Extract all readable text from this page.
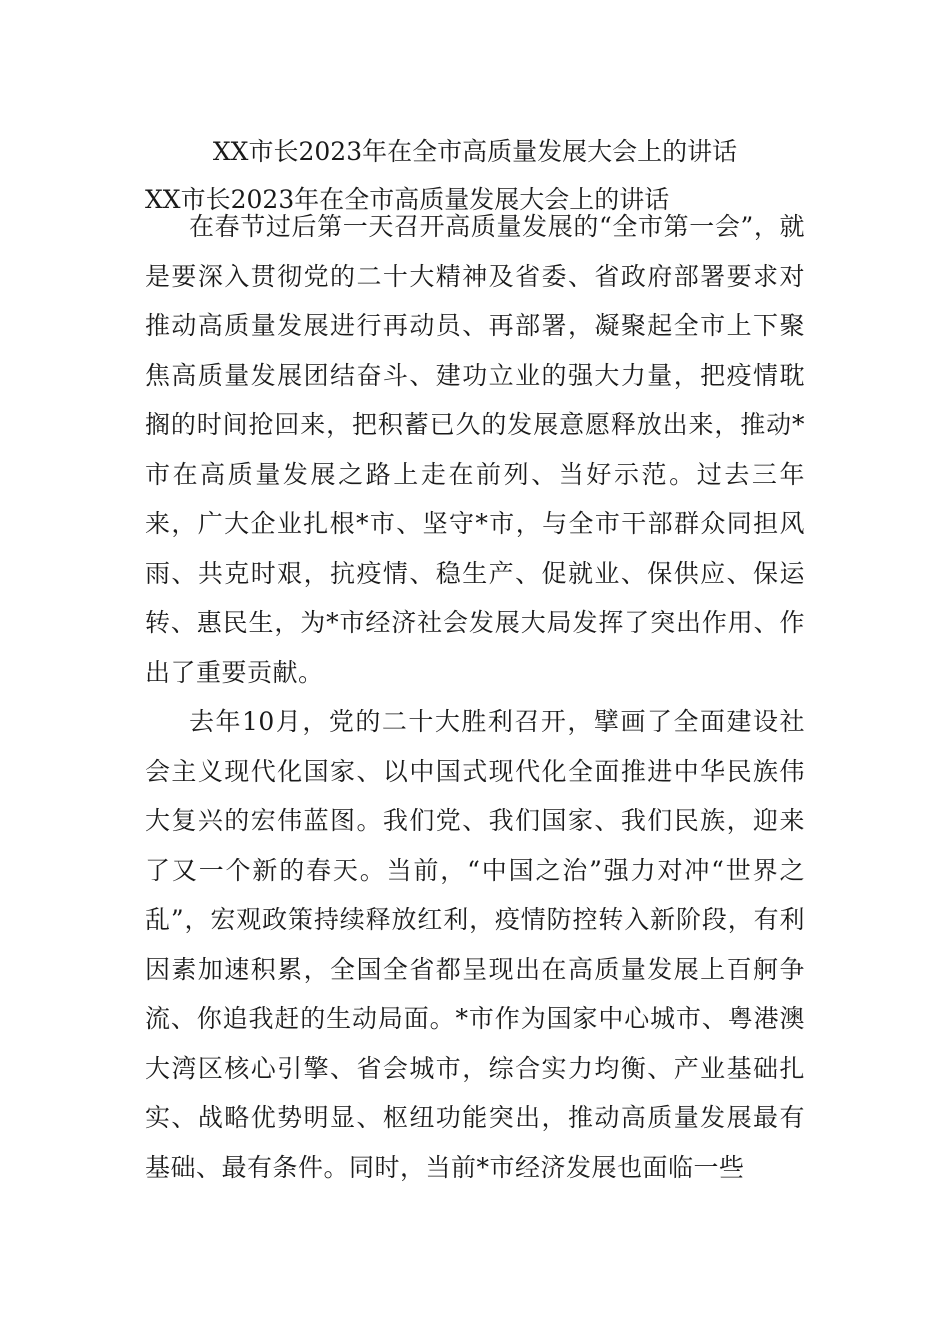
XX市长2023年在全市高质量发展大会上的讲话
XX市长2023年在全市高质量发展大会上的讲话

在春节过后第一天召开高质量发展的“全市第一会”，就是要深入贯彻党的二十大精神及省委、省政府部署要求对推动高质量发展进行再动员、再部署，凝聚起全市上下聚焦高质量发展团结奋斗、建功立业的强大力量，把疫情耽搁的时间抢回来，把积蓄已久的发展意愿释放出来，推动*市在高质量发展之路上走在前列、当好示范。过去三年来，广大企业扎根*市、坚守*市，与全市干部群众同担风雨、共克时艰，抗疫情、稳生产、促就业、保供应、保运转、惠民生，为*市经济社会发展大局发挥了突出作用、作出了重要贡献。

去年10月，党的二十大胜利召开，擘画了全面建设社会主义现代化国家、以中国式现代化全面推进中华民族伟大复兴的宏伟蓝图。我们党、我们国家、我们民族，迎来了又一个新的春天。当前，“中国之治”强力对冲“世界之乱”，宏观政策持续释放红利，疫情防控转入新阶段，有利因素加速积累，全国全省都呈现出在高质量发展上百舸争流、你追我赶的生动局面。*市作为国家中心城市、粤港澳大湾区核心引擎、省会城市，综合实力均衡、产业基础扎实、战略优势明显、枢纽功能突出，推动高质量发展最有基础、最有条件。同时，当前*市经济发展也面临一些
